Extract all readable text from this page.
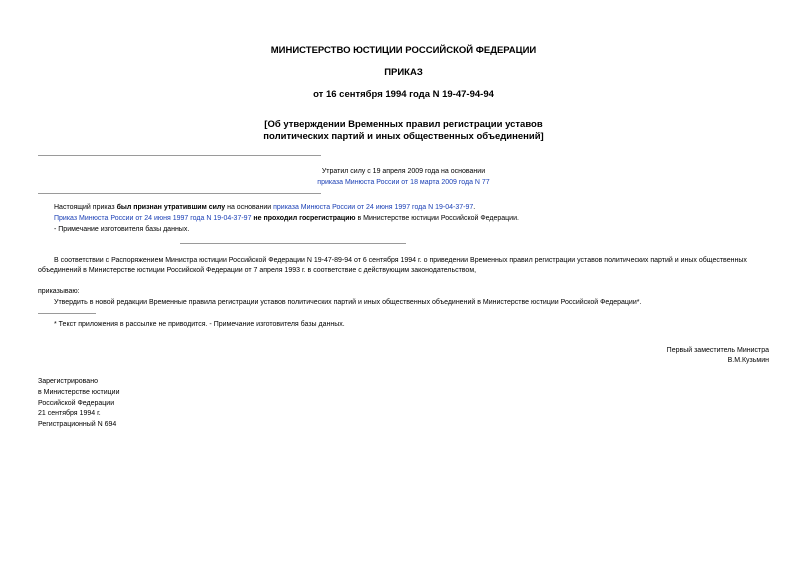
МИНИСТЕРСТВО ЮСТИЦИИ РОССИЙСКОЙ ФЕДЕРАЦИИ
ПРИКАЗ
от 16 сентября 1994 года N 19-47-94-94
[Об утверждении Временных правил регистрации уставов
политических партий и иных общественных объединений]
Утратил силу с 19 апреля 2009 года на основании
приказа Минюста России от 18 марта 2009 года N 77
Настоящий приказ был признан утратившим силу на основании приказа Минюста России от 24 июня 1997 года N 19-04-37-97.
Приказ Минюста России от 24 июня 1997 года N 19-04-37-97 не проходил госрегистрацию в Министерстве юстиции Российской Федерации.
- Примечание изготовителя базы данных.
В соответствии с Распоряжением Министра юстиции Российской Федерации N 19-47-89-94 от 6 сентября 1994 г. о приведении Временных правил регистрации уставов политических партий и иных общественных объединений в Министерстве юстиции Российской Федерации от 7 апреля 1993 г. в соответствие с действующим законодательством,
приказываю:
Утвердить в новой редакции Временные правила регистрации уставов политических партий и иных общественных объединений в Министерстве юстиции Российской Федерации*.
* Текст приложения в рассылке не приводится. - Примечание изготовителя базы данных.
Первый заместитель Министра
В.М.Кузьмин
Зарегистрировано
в Министерстве юстиции
Российской Федерации
21 сентября 1994 г.
Регистрационный N 694
